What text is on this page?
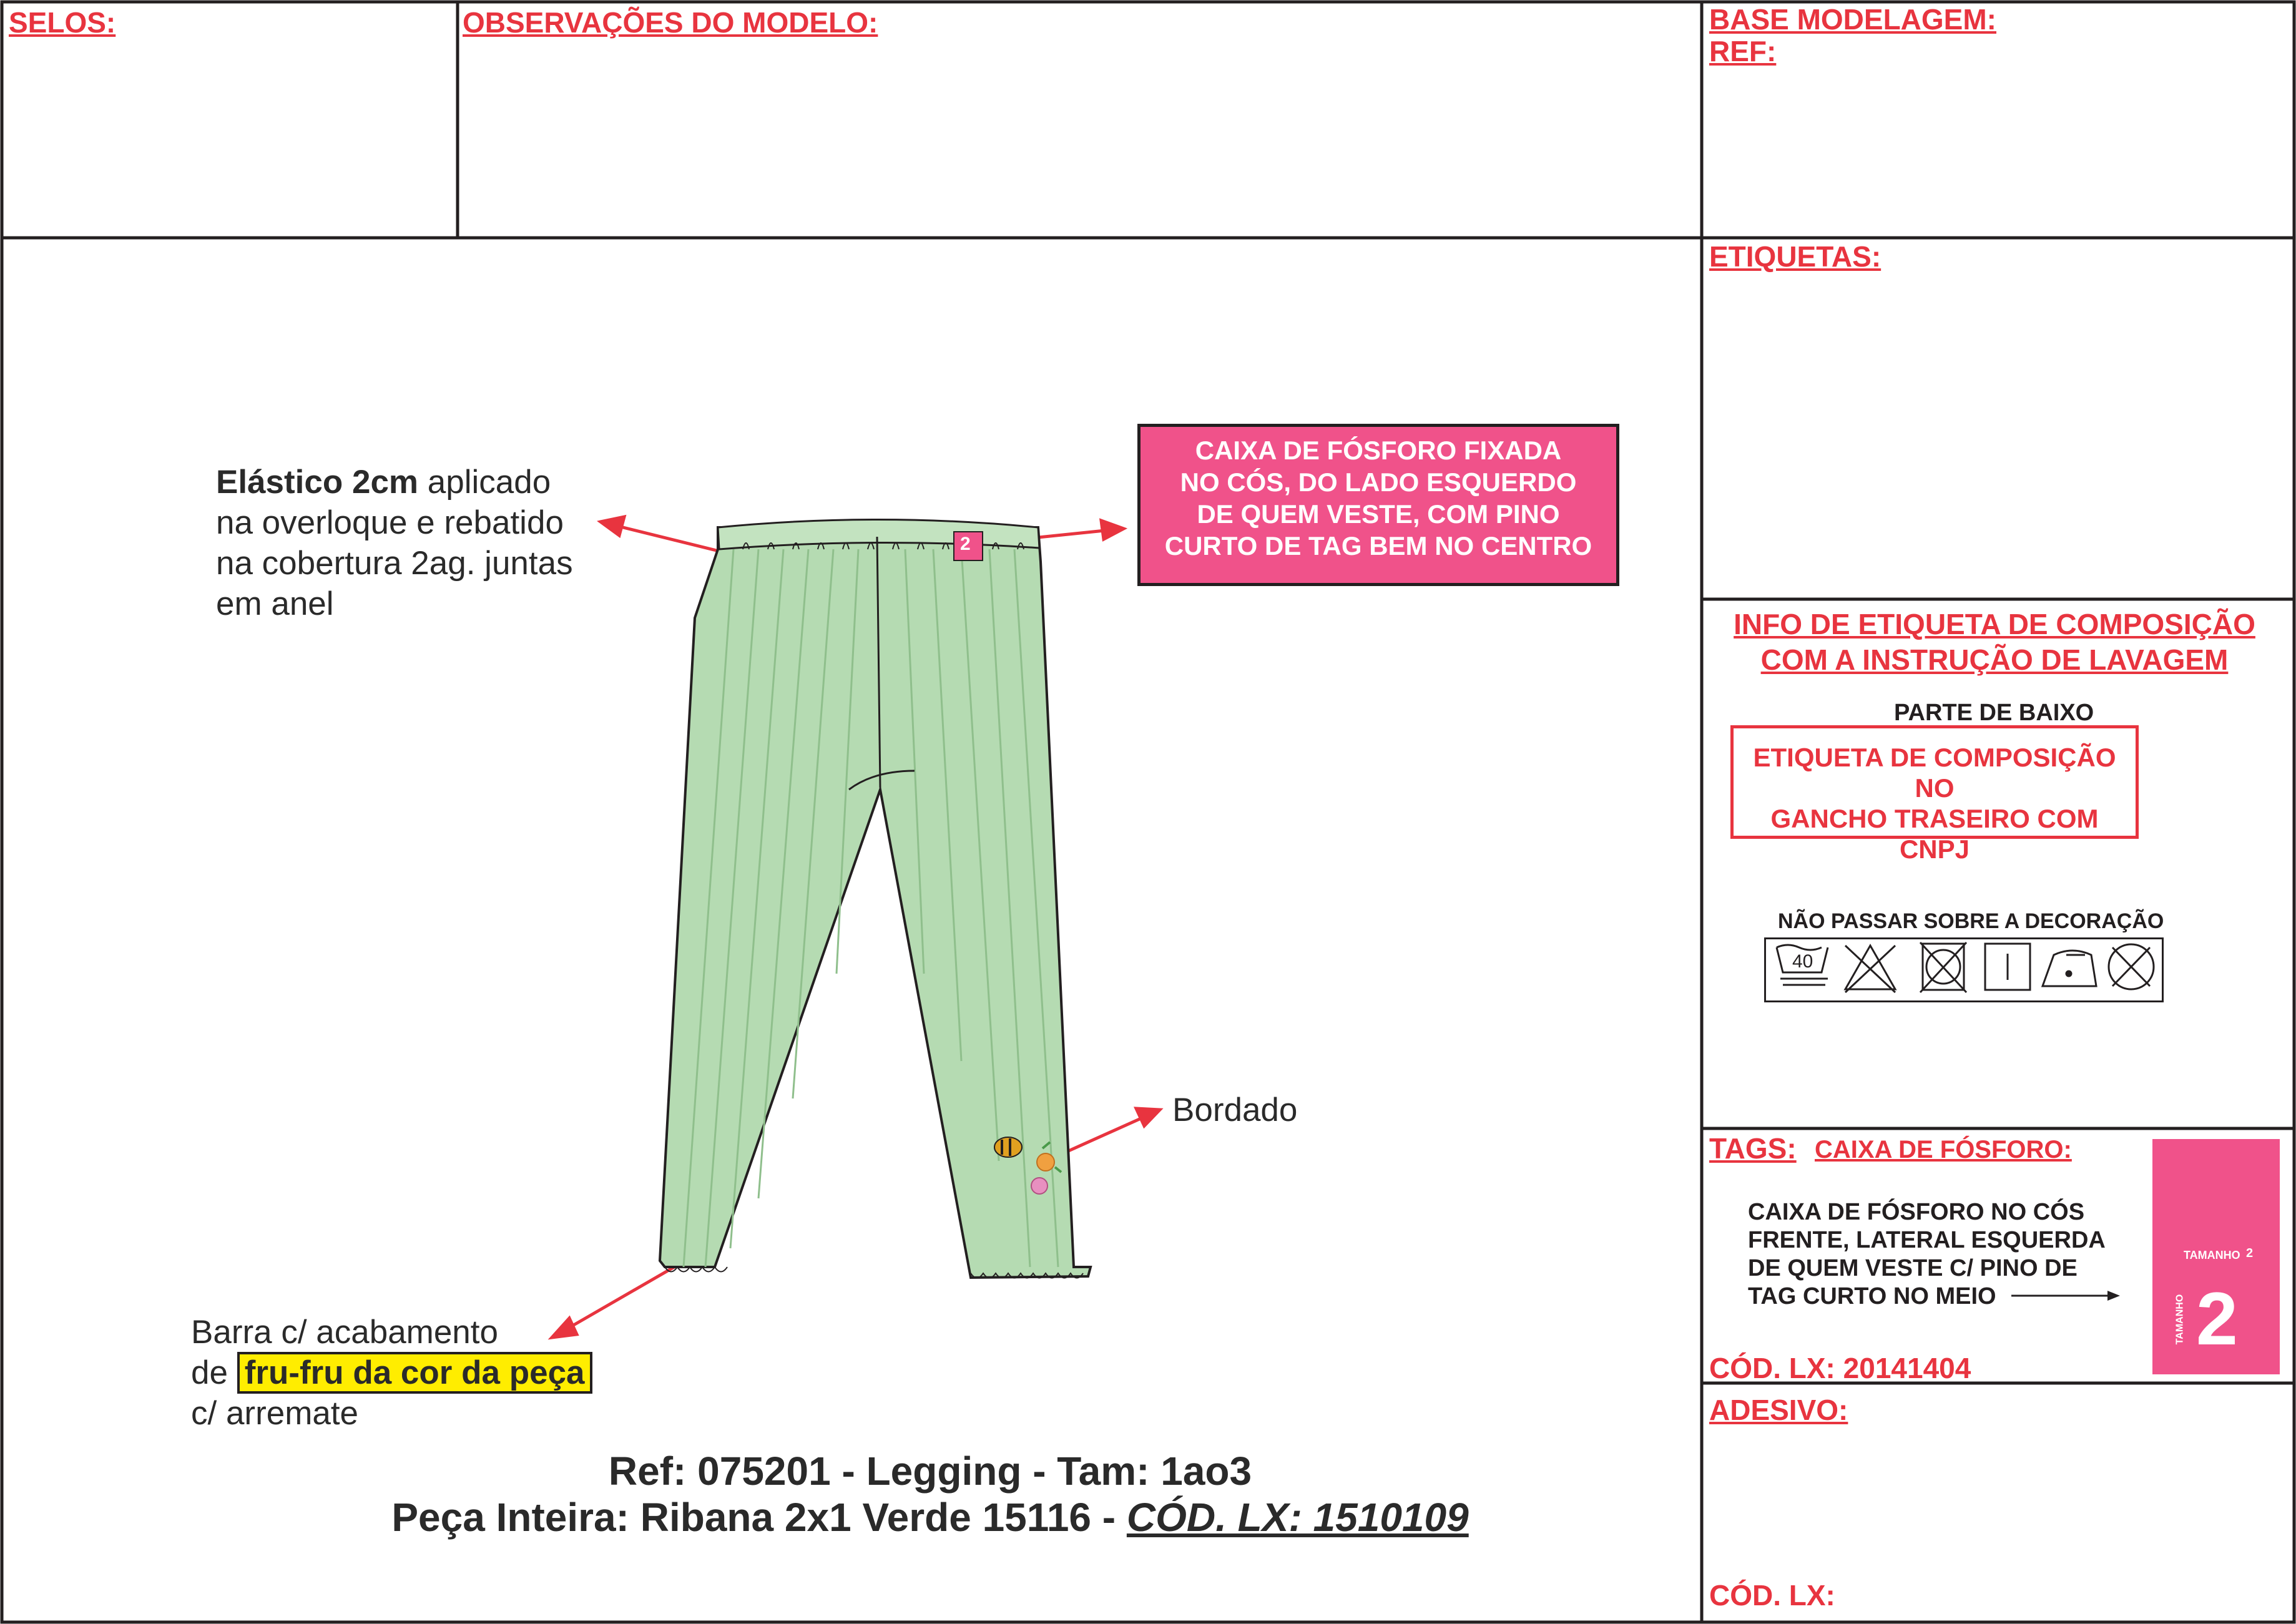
SELOS:	OBSERVAÇÕES DO MODELO:	BASE MODELAGEM:
REF:
Elástico 2cm aplicado
na overloque e rebatido
na cobertura 2ag. juntas
em anel
CAIXA DE FÓSFORO FIXADA
NO CÓS, DO LADO ESQUERDO
DE QUEM VESTE, COM PINO
CURTO DE TAG BEM NO CENTRO
2
Bordado
Barra c/ acabamento
de fru-fru da cor da peça
c/ arremate
Ref: 075201 - Legging - Tam: 1ao3
Peça Inteira: Ribana 2x1 Verde 15116 - CÓD. LX: 1510109
ETIQUETAS:
INFO DE ETIQUETA DE COMPOSIÇÃO
COM A INSTRUÇÃO DE LAVAGEM
PARTE DE BAIXO
ETIQUETA DE COMPOSIÇÃO NO
GANCHO TRASEIRO COM CNPJ
NÃO PASSAR SOBRE A DECORAÇÃO
40
TAGS: CAIXA DE FÓSFORO:
CAIXA DE FÓSFORO NO CÓS
FRENTE, LATERAL ESQUERDA
DE QUEM VESTE C/ PINO DE
TAG CURTO NO MEIO
TAMANHO 2
2
TAMANHO
CÓD. LX: 20141404
ADESIVO:
CÓD. LX:
